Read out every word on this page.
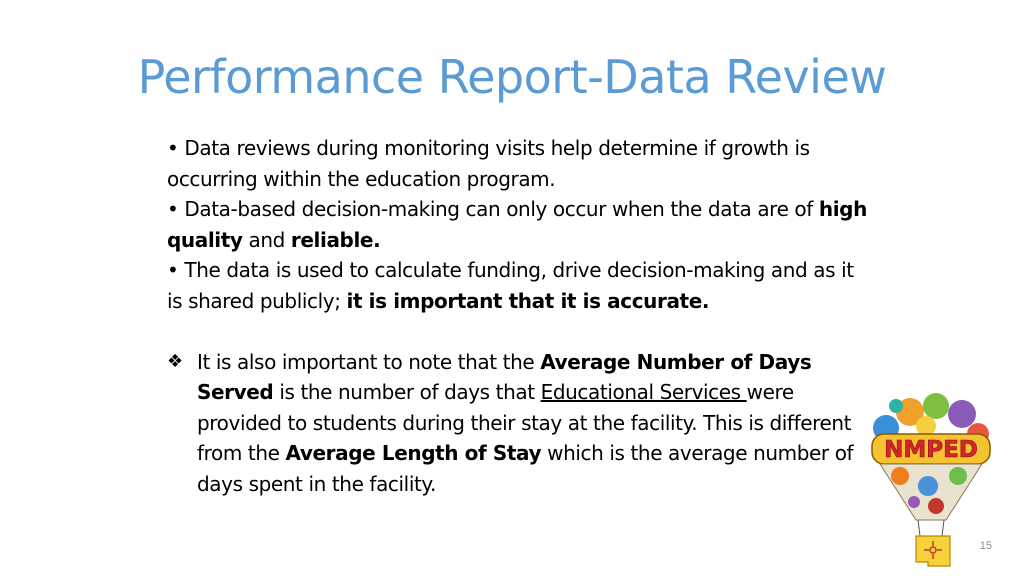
Performance Report-Data Review

• Data reviews during monitoring visits help determine if growth is occurring within the education program.

• Data-based decision-making can only occur when the data are of high quality and reliable.

• The data is used to calculate funding, drive decision-making and as it is shared publicly; it is important that it is accurate.

❖ It is also important to note that the Average Number of Days Served is the number of days that Educational Services were provided to students during their stay at the facility. This is different from the Average Length of Stay which is the average number of days spent in the facility.
NMPED
15
